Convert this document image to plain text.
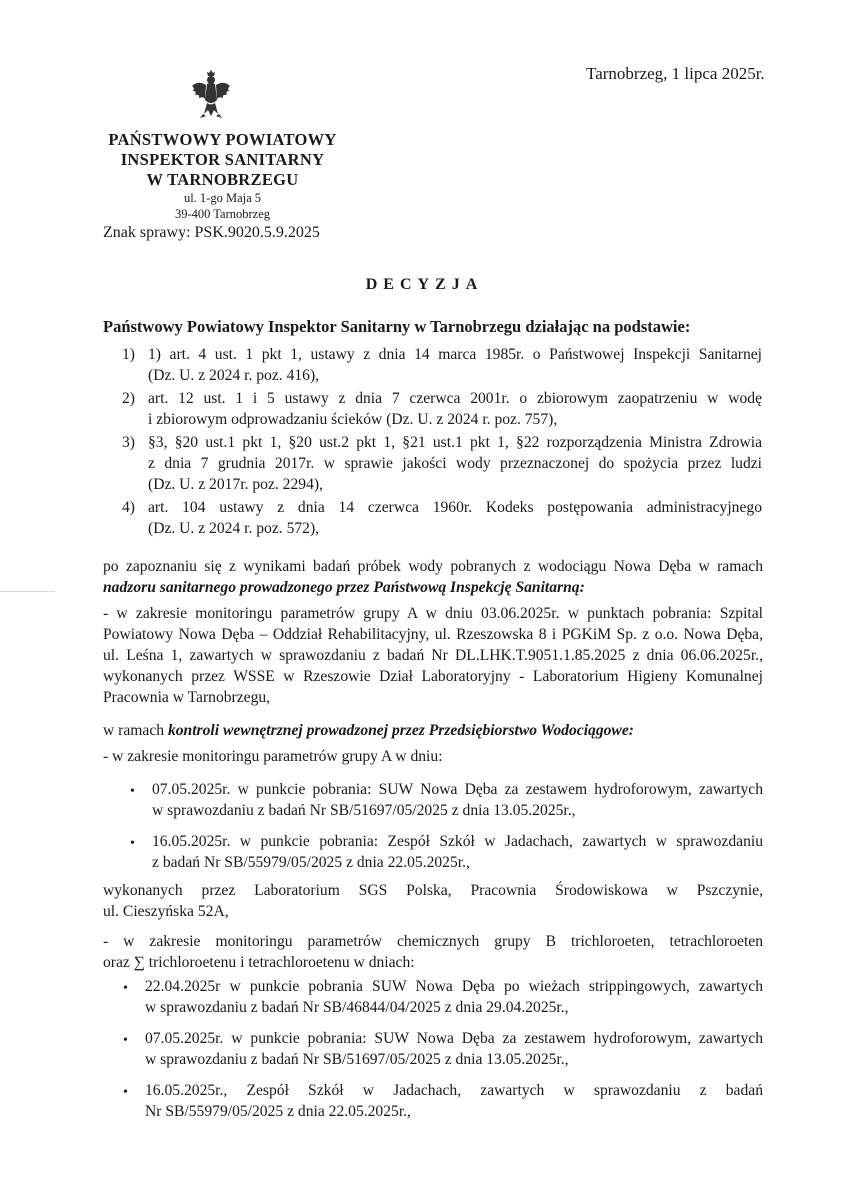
Tarnobrzeg, 1 lipca 2025r.
PAŃSTWOWY POWIATOWY
INSPEKTOR SANITARNY
W TARNOBRZEGU
ul. 1-go Maja 5
39-400 Tarnobrzeg
Znak sprawy: PSK.9020.5.9.2025
DECYZJA
Państwowy Powiatowy Inspektor Sanitarny w Tarnobrzegu działając na podstawie:
1) 1) art. 4 ust. 1 pkt 1, ustawy z dnia 14 marca 1985r. o Państwowej Inspekcji Sanitarnej
(Dz. U. z 2024 r. poz. 416),
2) art. 12 ust. 1 i 5 ustawy z dnia 7 czerwca 2001r. o zbiorowym zaopatrzeniu w wodę
i zbiorowym odprowadzaniu ścieków (Dz. U. z 2024 r. poz. 757),
3) §3, §20 ust.1 pkt 1, §20 ust.2 pkt 1, §21 ust.1 pkt 1, §22 rozporządzenia Ministra Zdrowia
z dnia 7 grudnia 2017r. w sprawie jakości wody przeznaczonej do spożycia przez ludzi
(Dz. U. z 2017r. poz. 2294),
4) art. 104 ustawy z dnia 14 czerwca 1960r. Kodeks postępowania administracyjnego
(Dz. U. z 2024 r. poz. 572),
po zapoznaniu się z wynikami badań próbek wody pobranych z wodociągu Nowa Dęba w ramach
nadzoru sanitarnego prowadzonego przez Państwową Inspekcję Sanitarną:
- w zakresie monitoringu parametrów grupy A w dniu 03.06.2025r. w punktach pobrania: Szpital
Powiatowy Nowa Dęba – Oddział Rehabilitacyjny, ul. Rzeszowska 8 i PGKiM Sp. z o.o. Nowa Dęba,
ul. Leśna 1, zawartych w sprawozdaniu z badań Nr DL.LHK.T.9051.1.85.2025 z dnia 06.06.2025r.,
wykonanych przez WSSE w Rzeszowie Dział Laboratoryjny - Laboratorium Higieny Komunalnej
Pracownia w Tarnobrzegu,
w ramach kontroli wewnętrznej prowadzonej przez Przedsiębiorstwo Wodociągowe:
- w zakresie monitoringu parametrów grupy A w dniu:
• 07.05.2025r. w punkcie pobrania: SUW Nowa Dęba za zestawem hydroforowym, zawartych
w sprawozdaniu z badań Nr SB/51697/05/2025 z dnia 13.05.2025r.,
• 16.05.2025r. w punkcie pobrania: Zespół Szkół w Jadachach, zawartych w sprawozdaniu
z badań Nr SB/55979/05/2025 z dnia 22.05.2025r.,
wykonanych przez Laboratorium SGS Polska, Pracownia Środowiskowa w Pszczynie,
ul. Cieszyńska 52A,
- w zakresie monitoringu parametrów chemicznych grupy B trichloroeten, tetrachloroeten
oraz ∑ trichloroetenu i tetrachloroetenu w dniach:
• 22.04.2025r w punkcie pobrania SUW Nowa Dęba po wieżach strippingowych, zawartych
w sprawozdaniu z badań Nr SB/46844/04/2025 z dnia 29.04.2025r.,
• 07.05.2025r. w punkcie pobrania: SUW Nowa Dęba za zestawem hydroforowym, zawartych
w sprawozdaniu z badań Nr SB/51697/05/2025 z dnia 13.05.2025r.,
• 16.05.2025r., Zespół Szkół w Jadachach, zawartych w sprawozdaniu z badań
Nr SB/55979/05/2025 z dnia 22.05.2025r.,
